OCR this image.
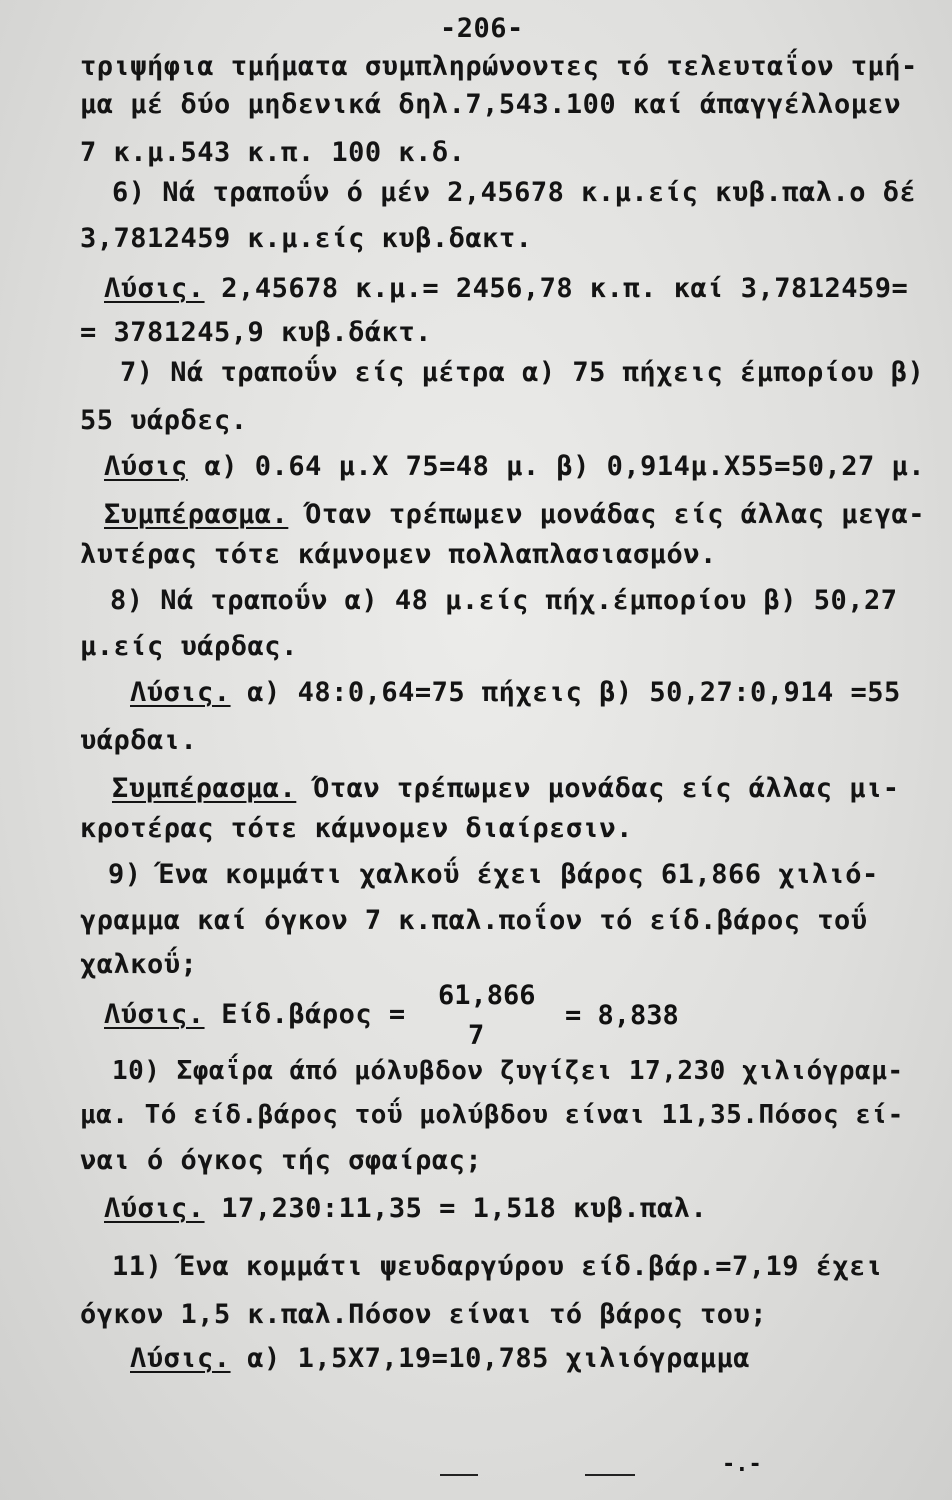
-206-
τριψήφια τμήματα συμπληρώνοντες τό τελευταΐον τμή-
μα μέ δύο μηδενικά δηλ.7,543.100 καί άπαγγέλλομεν
7 κ.μ.543 κ.π. 100 κ.δ.
6) Νά τραποΰν ό μέν 2,45678 κ.μ.είς κυβ.παλ.ο δέ
3,7812459 κ.μ.είς κυβ.δακτ.
Λύσις. 2,45678 κ.μ.= 2456,78 κ.π. καί 3,7812459=
= 3781245,9 κυβ.δάκτ.
7) Νά τραποΰν είς μέτρα α) 75 πήχεις έμπορίου β)
55 υάρδες.
Λύσις α) 0.64 μ.Χ 75=48 μ. β) 0,914μ.Χ55=50,27 μ.
Συμπέρασμα. Όταν τρέπωμεν μονάδας είς άλλας μεγα-
λυτέρας τότε κάμνομεν πολλαπλασιασμόν.
8) Νά τραποΰν α) 48 μ.είς πήχ.έμπορίου β) 50,27
μ.είς υάρδας.
Λύσις. α) 48:0,64=75 πήχεις β) 50,27:0,914 =55
υάρδαι.
Συμπέρασμα. Όταν τρέπωμεν μονάδας είς άλλας μι-
κροτέρας τότε κάμνομεν διαίρεσιν.
9) Ένα κομμάτι χαλκοΰ έχει βάρος 61,866 χιλιό-
γραμμα καί όγκον 7 κ.παλ.ποΐον τό είδ.βάρος τοΰ
χαλκοΰ;
Λύσις. Είδ.βάρος =
10) Σφαΐρα άπό μόλυβδον ζυγίζει 17,230 χιλιόγραμ-
μα. Τό είδ.βάρος τοΰ μολύβδου είναι 11,35.Πόσος εί-
ναι ό όγκος τής σφαίρας;
Λύσις. 17,230:11,35 = 1,518 κυβ.παλ.
11) Ένα κομμάτι ψευδαργύρου είδ.βάρ.=7,19 έχει
όγκον 1,5 κ.παλ.Πόσον είναι τό βάρος του;
Λύσις. α) 1,5Χ7,19=10,785 χιλιόγραμμα
61,866
7
= 8,838
-.-
